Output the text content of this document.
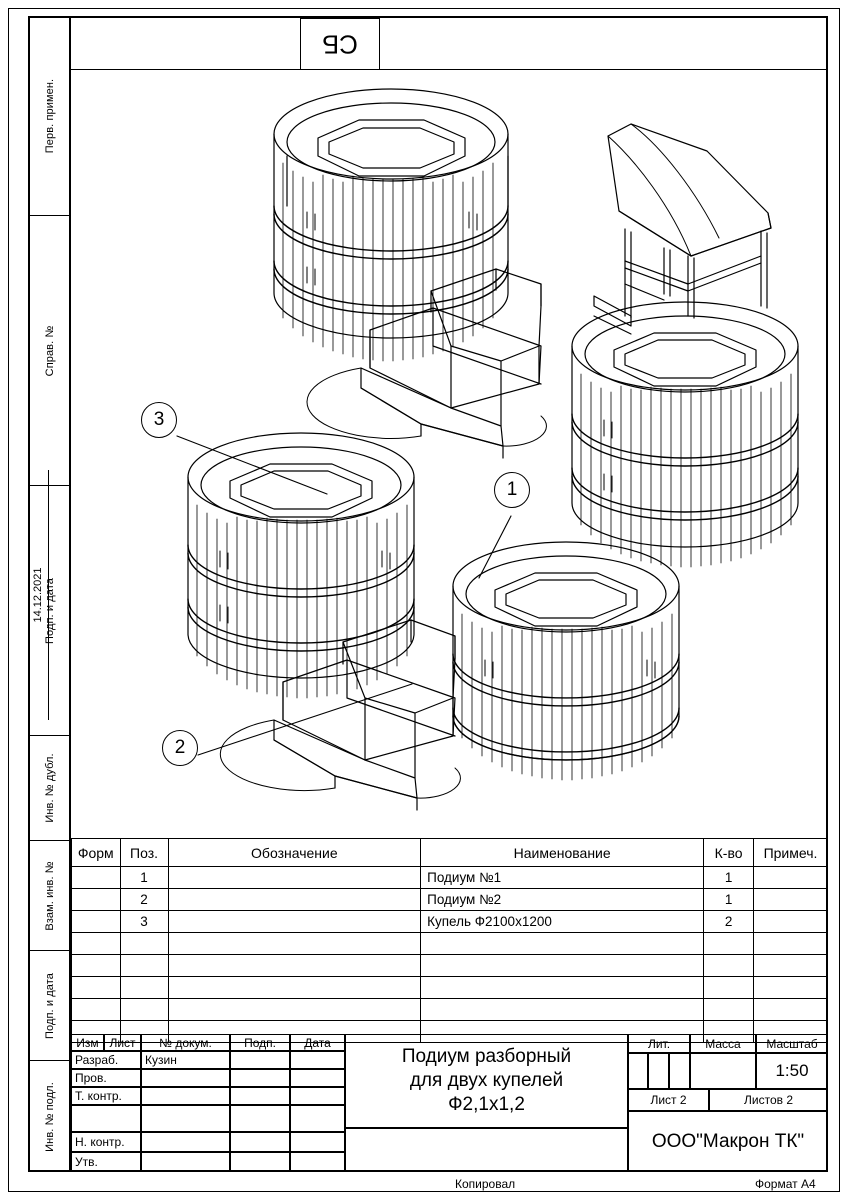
Перв. примен.
Справ. №
Подп. и дата
Инв. № дубл.
Взам. инв. №
Подп. и дата
Инв. № подл.
14.12.2021
СБ
3
1
2
Форм	Поз.	Обозначение	Наименование	К-во	Примеч.
	1		Подиум №1	1	
	2		Подиум №2	1	
	3		Купель Ф2100х1200	2	

Изм Лист	№ докум.	Подп.	Дата
Разраб.	Кузин
Пров.
Т. контр.
Н. контр.
Утв.
Подиум разборный
для двух купелей
Ф2,1х1,2
Лит.	Масса	Масштаб
1:50
Лист 2	Листов 2
ООО"Макрон ТК"
Копировал	Формат А4
